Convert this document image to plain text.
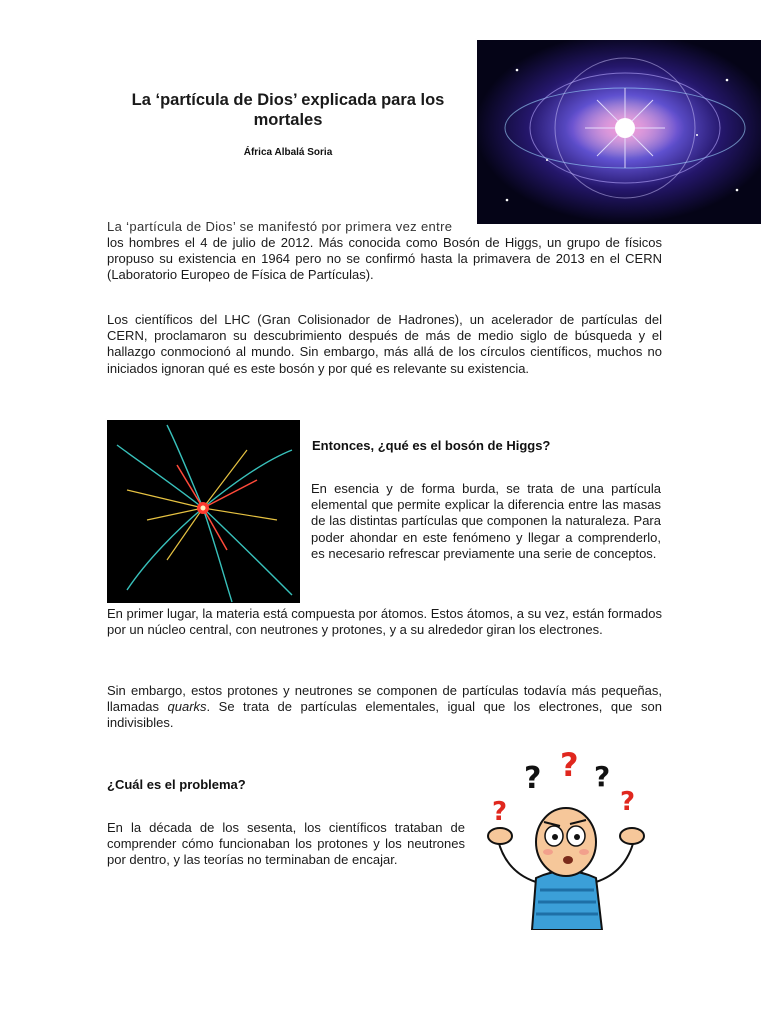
La ‘partícula de Dios’ explicada para los mortales
África Albalá Soria
La ‘partícula de Dios’ se manifestó por primera vez entre
los hombres el 4 de julio de 2012. Más conocida como Bosón de Higgs, un grupo de físicos propuso su existencia en 1964 pero no se confirmó hasta la primavera de 2013 en el CERN (Laboratorio Europeo de Física de Partículas).
Los científicos del LHC (Gran Colisionador de Hadrones), un acelerador de partículas del CERN, proclamaron su descubrimiento después de más de medio siglo de búsqueda y el hallazgo conmocionó al mundo. Sin embargo, más allá de los círculos científicos, muchos no iniciados ignoran qué es este bosón y por qué es relevante su existencia.
Entonces, ¿qué es el bosón de Higgs?
En esencia y de forma burda, se trata de una partícula elemental que permite explicar la diferencia entre las masas de las distintas partículas que componen la naturaleza. Para poder ahondar en este fenómeno y llegar a comprenderlo, es necesario refrescar previamente una serie de conceptos.
En primer lugar, la materia está compuesta por átomos. Estos átomos, a su vez, están formados por un núcleo central, con neutrones y protones, y a su alrededor giran los electrones.
Sin embargo, estos protones y neutrones se componen de partículas todavía más pequeñas, llamadas quarks. Se trata de partículas elementales, igual que los electrones, que son indivisibles.
¿Cuál es el problema?
En la década de los sesenta, los científicos trataban de comprender cómo funcionaban los protones y los neutrones por dentro, y las teorías no terminaban de encajar.
? ? ?
?	?
